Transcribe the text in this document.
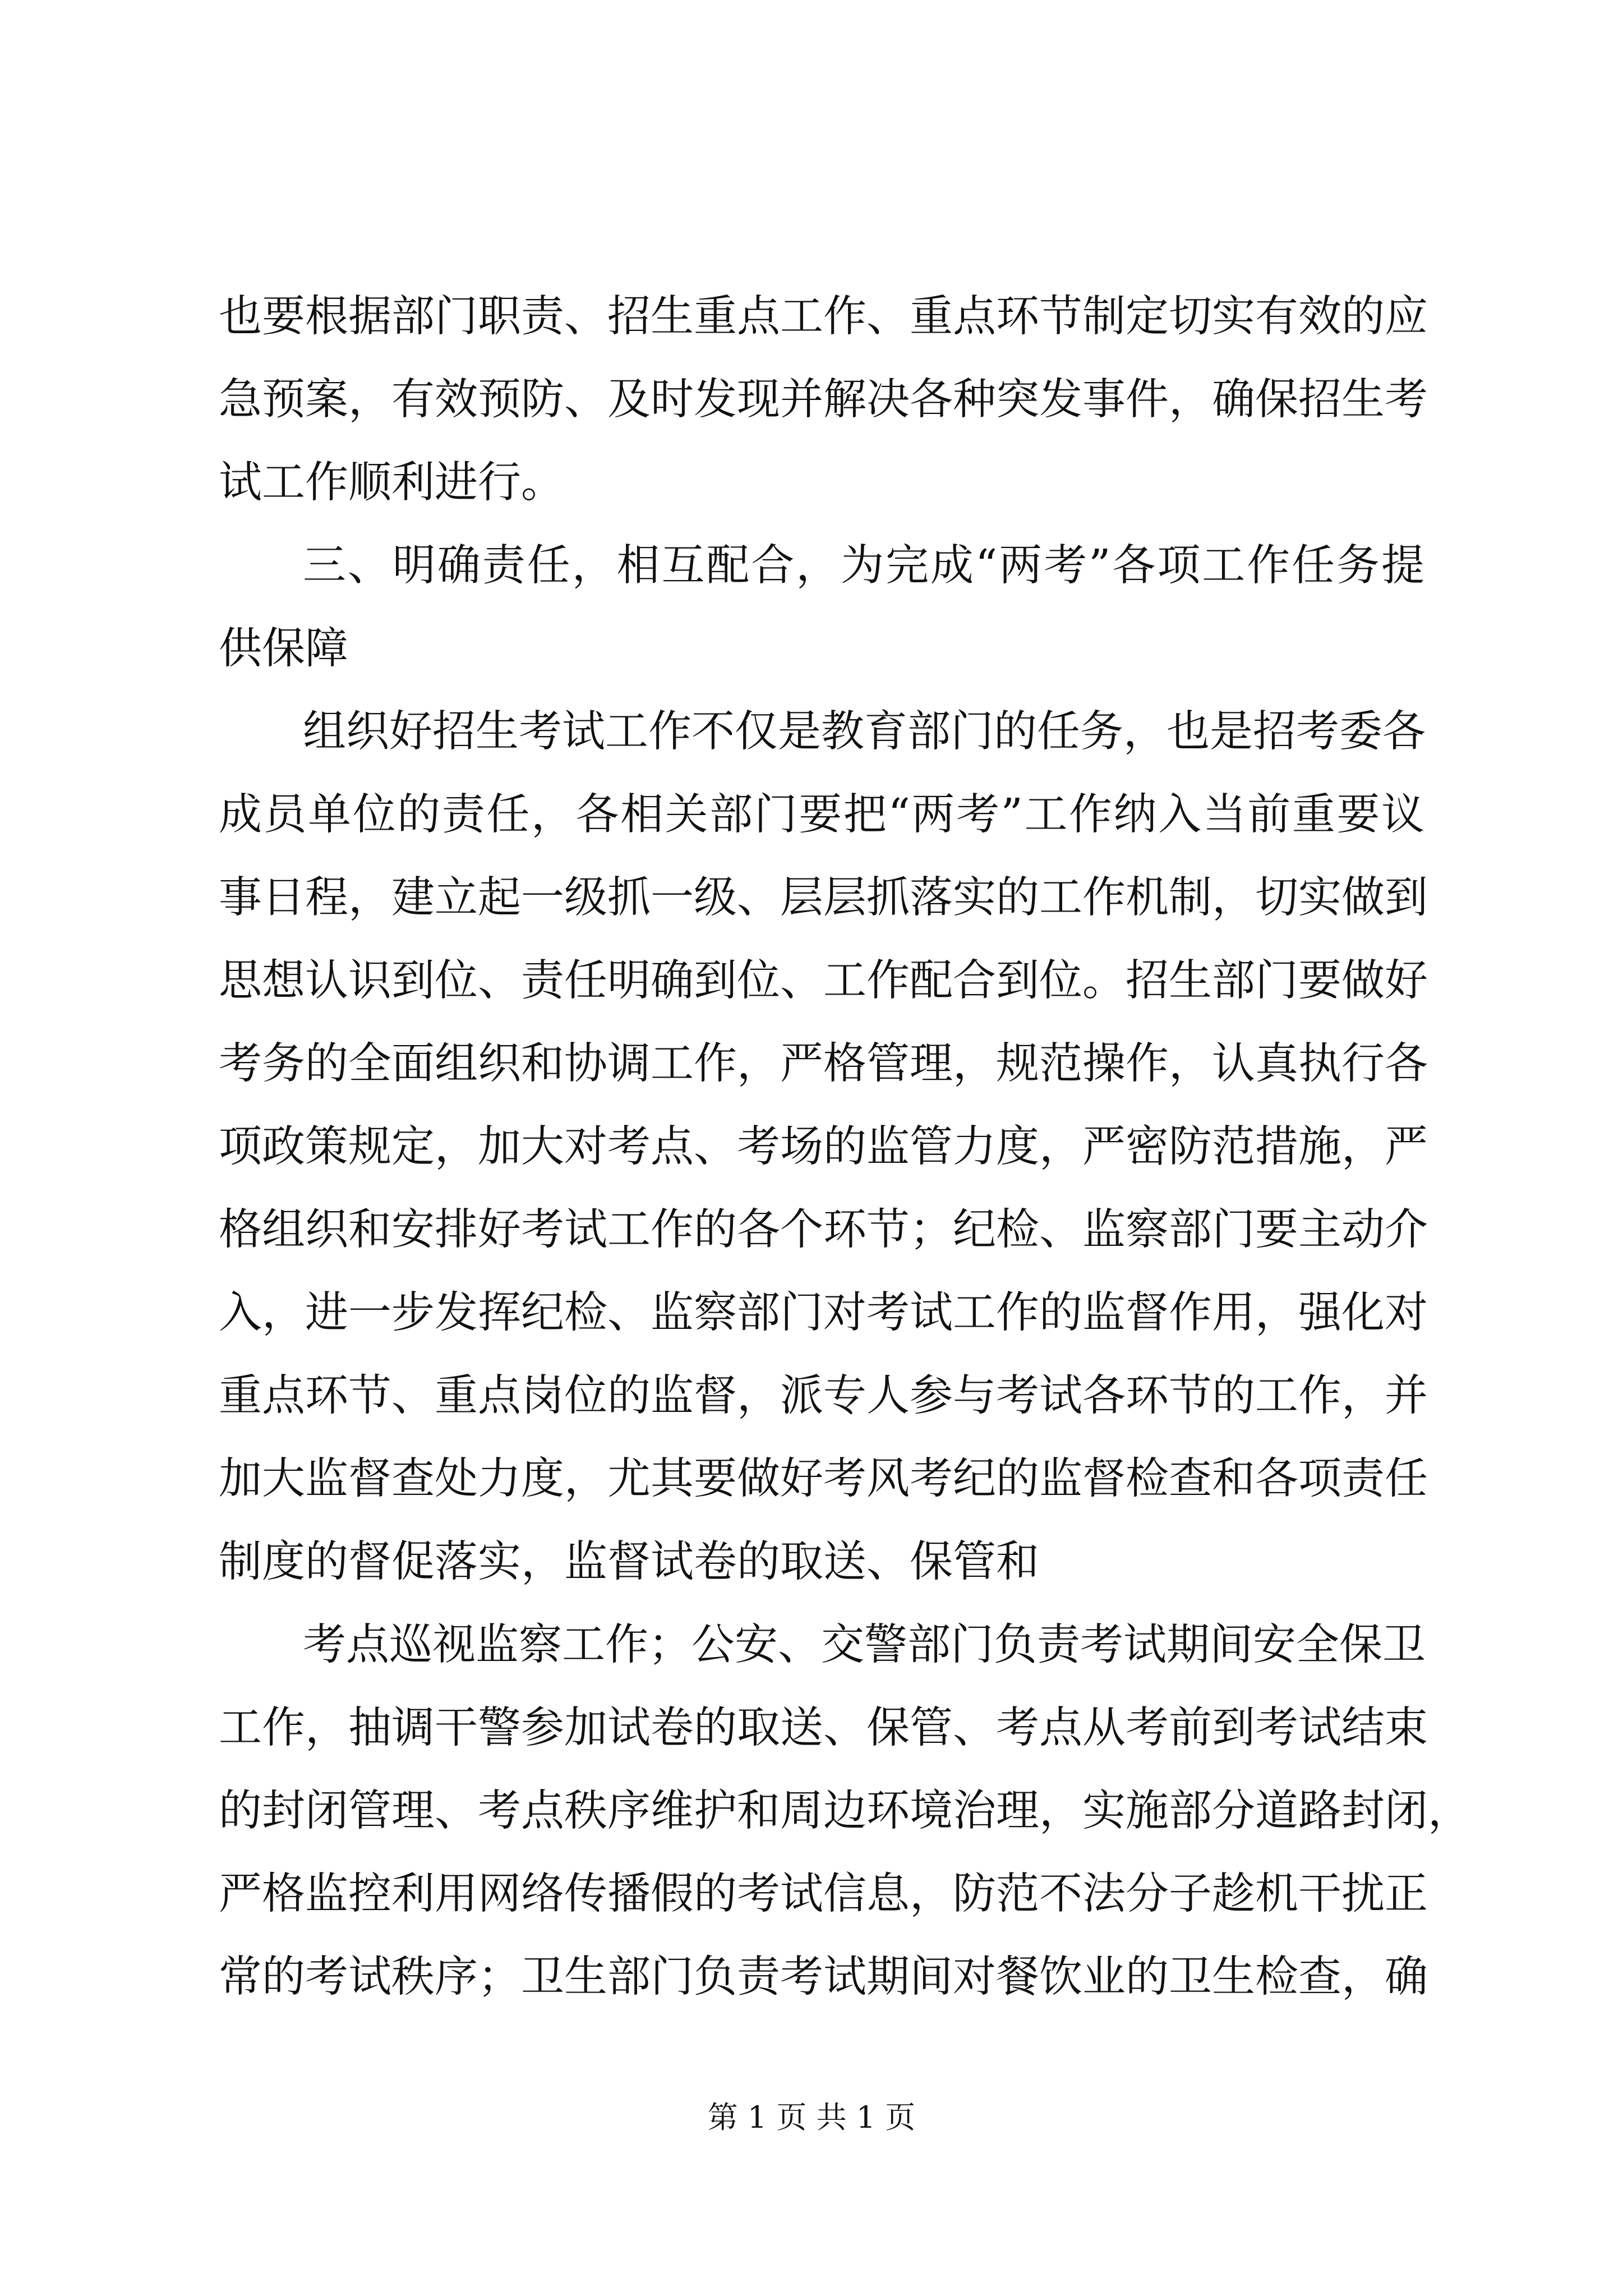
也要根据部门职责、招生重点工作、重点环节制定切实有效的应
急预案，有效预防、及时发现并解决各种突发事件，确保招生考
试工作顺利进行。
三、明确责任，相互配合，为完成“两考”各项工作任务提
供保障
组织好招生考试工作不仅是教育部门的任务，也是招考委各
成员单位的责任，各相关部门要把“两考”工作纳入当前重要议
事日程，建立起一级抓一级、层层抓落实的工作机制，切实做到
思想认识到位、责任明确到位、工作配合到位。招生部门要做好
考务的全面组织和协调工作，严格管理，规范操作，认真执行各
项政策规定，加大对考点、考场的监管力度，严密防范措施，严
格组织和安排好考试工作的各个环节；纪检、监察部门要主动介
入，进一步发挥纪检、监察部门对考试工作的监督作用，强化对
重点环节、重点岗位的监督，派专人参与考试各环节的工作，并
加大监督查处力度，尤其要做好考风考纪的监督检查和各项责任
制度的督促落实，监督试卷的取送、保管和
考点巡视监察工作；公安、交警部门负责考试期间安全保卫
工作，抽调干警参加试卷的取送、保管、考点从考前到考试结束
的封闭管理、考点秩序维护和周边环境治理，实施部分道路封闭，
严格监控利用网络传播假的考试信息，防范不法分子趁机干扰正
常的考试秩序；卫生部门负责考试期间对餐饮业的卫生检查，确
第 1 页 共 1 页
